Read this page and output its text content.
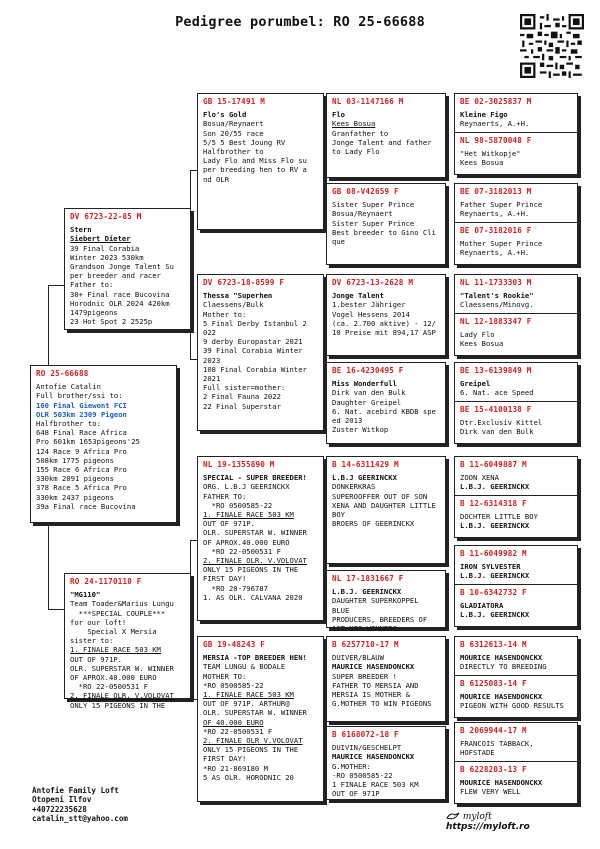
Pedigree porumbel: RO 25-66688
RO 25-66688
Antofie Catalin
Full brother/ssi to:
160 Final Giewont FCI
OLR 503km 2309 Pigeon
Halfbrother to:
648 Final Race Africa
Pro 601km 1653pigeons'25
124 Race 9 Africa Pro
508km 1775 pigeons
155 Race 6 Africa Pro
330km 2091 pigeons
378 Race 5 Africa Pro
330km 2437 pigeons
39a Final race Bucovina
DV 6723-22-85 M
Stern
Siebert Dieter
39 Final Corabia
Winter 2023 530km
Grandson Jonge Talent Su
per breeder and racer
Father to:
30+ Final race Bucovina
Horodnic OLR 2024 420km
1479pigeons
23 Hot Spot 2 2525p
RO 24-1170110 F
"MG110"
Team Toader&Marius Lungu
***SPECIAL COUPLE***
for our loft!
Special X Mersia
sister to:
1. FINALE RACE 503 KM
OUT OF 971P.
OLR. SUPERSTAR W. WINNER
OF APROX.40.000 EURO
*RO 22-0500531 F
2. FINALE OLR. V.VOLOVAT
ONLY 15 PIGEONS IN THE
GB 15-17491 M
Flo's Gold
Bosua/Reynaert
Son 20/55 race
5/5 5 Best Joung RV
Halfbrother to
Lady Flo and Miss Flo su
per breeding hen to RV a
nd OLR
DV 6723-18-8599 F
Thessa "Superhen
Claessens/Bulk
Mother to:
5 Final Derby Istanbul 2
022
9 derby Europastar 2021
39 Final Corabia Winter
2023
108 Final Corabia Winter
2021
Full sister=mother:
2 Final Fauna 2022
22 Final Superstar
NL 19-1355890 M
SPECIAL - SUPER BREEDER!
ORG. L.B.J GEERINCKX
FATHER TO:
*RO 0500585-22
1. FINALE RACE 503 KM
OUT OF 971P.
OLR. SUPERSTAR W. WINNER
OF APROX.40.000 EURO
*RO 22-0500531 F
2. FINALE OLR. V.VOLOVAT
ONLY 15 PIGEONS IN THE
FIRST DAY!
*RO 20-796787
1. AS OLR. CALVANA 2020
GB 19-48243 F
MERSIA -TOP BREEDER HEN!
TEAM LUNGU & BODALE
MOTHER TO:
*RO 0500585-22
1. FINALE RACE 503 KM
OUT OF 971P. ARTHUR@
OLR. SUPERSTAR W. WINNER
OF 40.000 EURO
*RO 22-0500531 F
2. FINALE OLR V.VOLOVAT
ONLY 15 PIGEONS IN THE
FIRST DAY!
*RO 21-869180 M
5 AS OLR. HORODNIC 20
NL 03-1147166 M
Flo
Kees Bosua
Granfather to
Jonge Talent and father
to Lady Flo
GB 08-V42659 F
Sister Super Prince
Bosua/Reynaert
Sister Super Prince
Best breeder to Gino Cli
que
DV 6723-13-2628 M
Jonge Talent
1.bester Jähriger
Vogel Hessens 2014
(ca. 2.700 aktive) - 12/
10 Preise mit 894,17 ASP
BE 16-4230495 F
Miss Wonderfull
Dirk van den Bulk
Daughter Greipel
6. Nat. acebird KBDB spe
ed 2013
Zuster Witkop
B 14-6311429 M
L.B.J GEERINCKX
DONKERKRAS
SUPEROOFFER OUT OF SON
XENA AND DAUGHTER LITTLE
BOY
BROERS OF GEERINCKX
NL 17-1831667 F
L.B.J. GEERINCKX
DAUGHTER SUPERKOPPEL
BLUE
PRODUCERS, BREEDERS OF
1ST NPO WINNERS
B 6257710-17 M
DUIVER/BLAUW
MAURICE HASENDONCKX
SUPER BREEDER !
FATHER TO MERSIA AND
MERSIA IS MOTHER &
G.MOTHER TO WIN PIGEONS
B 6168072-18 F
DUIVIN/GESCHELPT
MAURICE HASENDONCKX
G.MOTHER:
-RO 0500585-22
1 FINALE RACE 503 KM
OUT OF 971P
BE 02-3025837 M
Kleine Figo
Reynaerts, A.+H.
NL 98-5870048 F
"Het Witkopje"
Kees Bosua
BE 07-3182013 M
Father Super Prince
Reynaerts, A.+H.
BE 07-3182016 F
Mother Super Prince
Reynaerts, A.+H.
NL 11-1733303 M
"Talent's Rookie"
Claessens/Minovg.
NL 12-1883347 F
Lady Flo
Kees Bosua
BE 13-6139849 M
Greipel
6. Nat. ace Speed
BE 15-4100138 F
Dtr.Exclusiv Kittel
Dirk van den Bulk
B 11-6049887 M
ZOON XENA
L.B.J. GEERINCKX
B 12-6314318 F
DOCHTER LITTLE BOY
L.B.J. GEERINCKX
B 11-6049982 M
IRON SYLVESTER
L.B.J. GEERINCKX
B 10-6342732 F
GLADIATORA
L.B.J. GEERINCKX
B 6312613-14 M
MOURICE HASENDONCKX
DIRECTLY TO BREEDING
B 6125083-14 F
MOURICE HASENDONCKX
PIGEON WITH GOOD RESULTS
B 2069944-17 M
FRANCOIS TABBACK,
HOFSTADE
B 6228203-13 F
MOURICE HASENDONCKX
FLEW VERY WELL
Antofie Family Loft
Otopeni Ilfov
+40722235628
catalin_stt@yahoo.com	myloft https://myloft.ro
